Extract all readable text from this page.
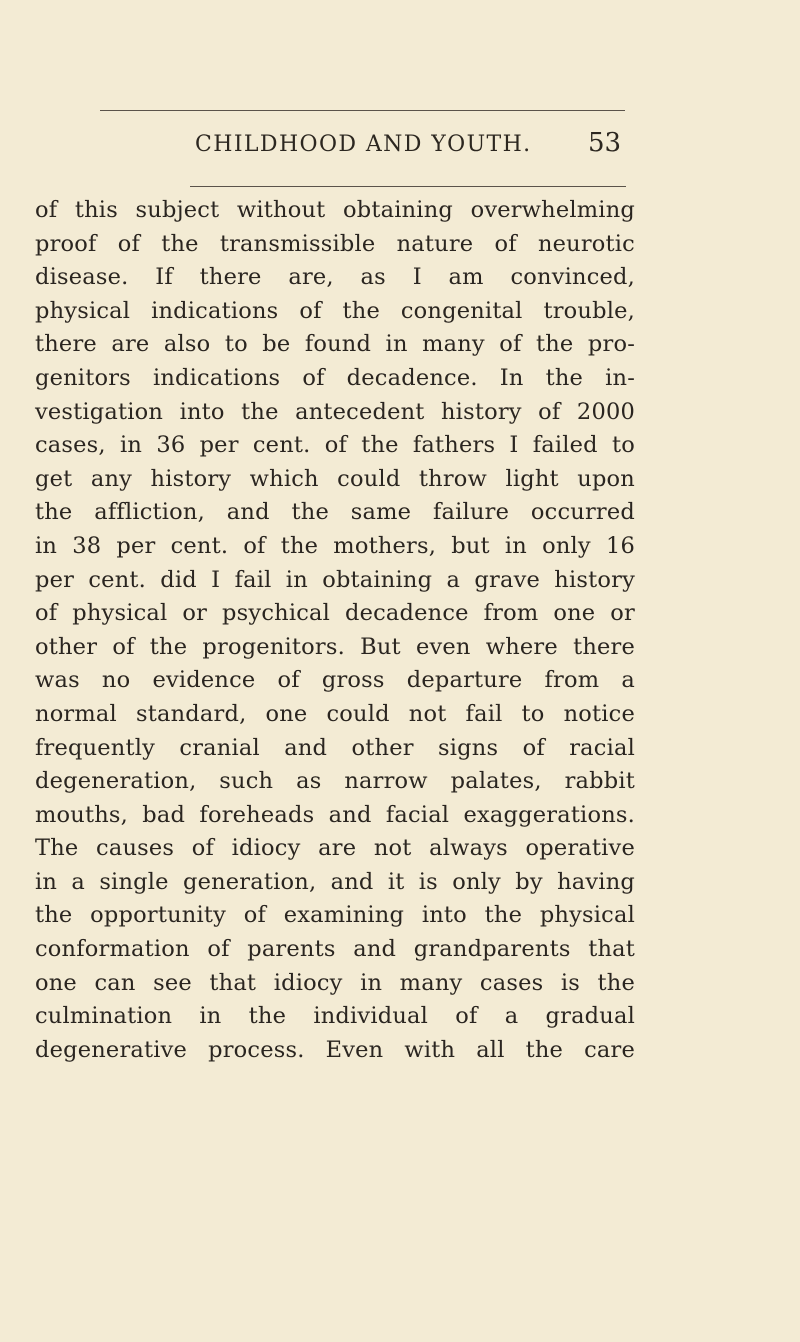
CHILDHOOD AND YOUTH. 53
of this subject without obtaining overwhelming
proof of the transmissible nature of neurotic
disease. If there are, as I am convinced,
physical indications of the congenital trouble,
there are also to be found in many of the pro-
genitors indications of decadence. In the in-
vestigation into the antecedent history of 2000
cases, in 36 per cent. of the fathers I failed to
get any history which could throw light upon
the affliction, and the same failure occurred
in 38 per cent. of the mothers, but in only 16
per cent. did I fail in obtaining a grave history
of physical or psychical decadence from one or
other of the progenitors. But even where there
was no evidence of gross departure from a
normal standard, one could not fail to notice
frequently cranial and other signs of racial
degeneration, such as narrow palates, rabbit
mouths, bad foreheads and facial exaggerations.
The causes of idiocy are not always operative
in a single generation, and it is only by having
the opportunity of examining into the physical
conformation of parents and grandparents that
one can see that idiocy in many cases is the
culmination in the individual of a gradual
degenerative process. Even with all the care
